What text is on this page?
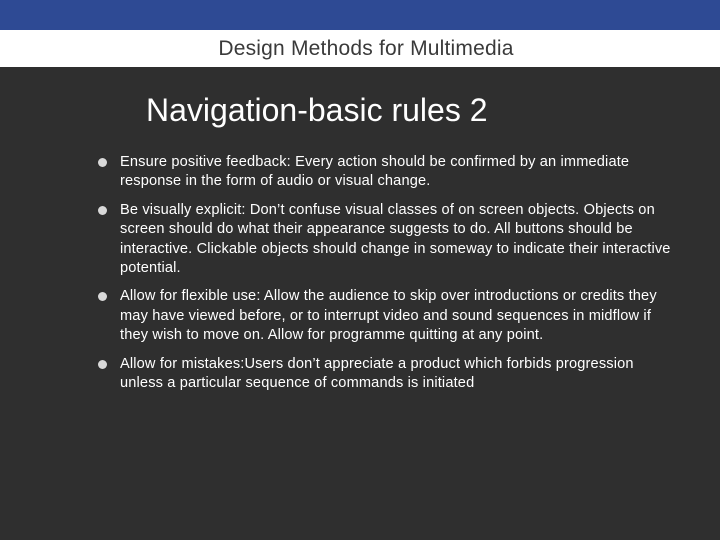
Design Methods for Multimedia
Navigation-basic rules 2
Ensure positive feedback: Every action should be confirmed by an immediate response in the form of audio or visual change.
Be visually explicit: Don’t confuse visual classes of on screen objects. Objects on screen should do what their appearance suggests to do. All buttons should be interactive. Clickable objects should change in someway to indicate their interactive potential.
Allow for flexible use: Allow the audience to skip over introductions or credits they may have viewed before, or to interrupt video and sound sequences in midflow if they wish to move on. Allow for programme quitting at any point.
Allow for mistakes:Users don’t appreciate a product which forbids progression unless a particular sequence of commands is initiated
